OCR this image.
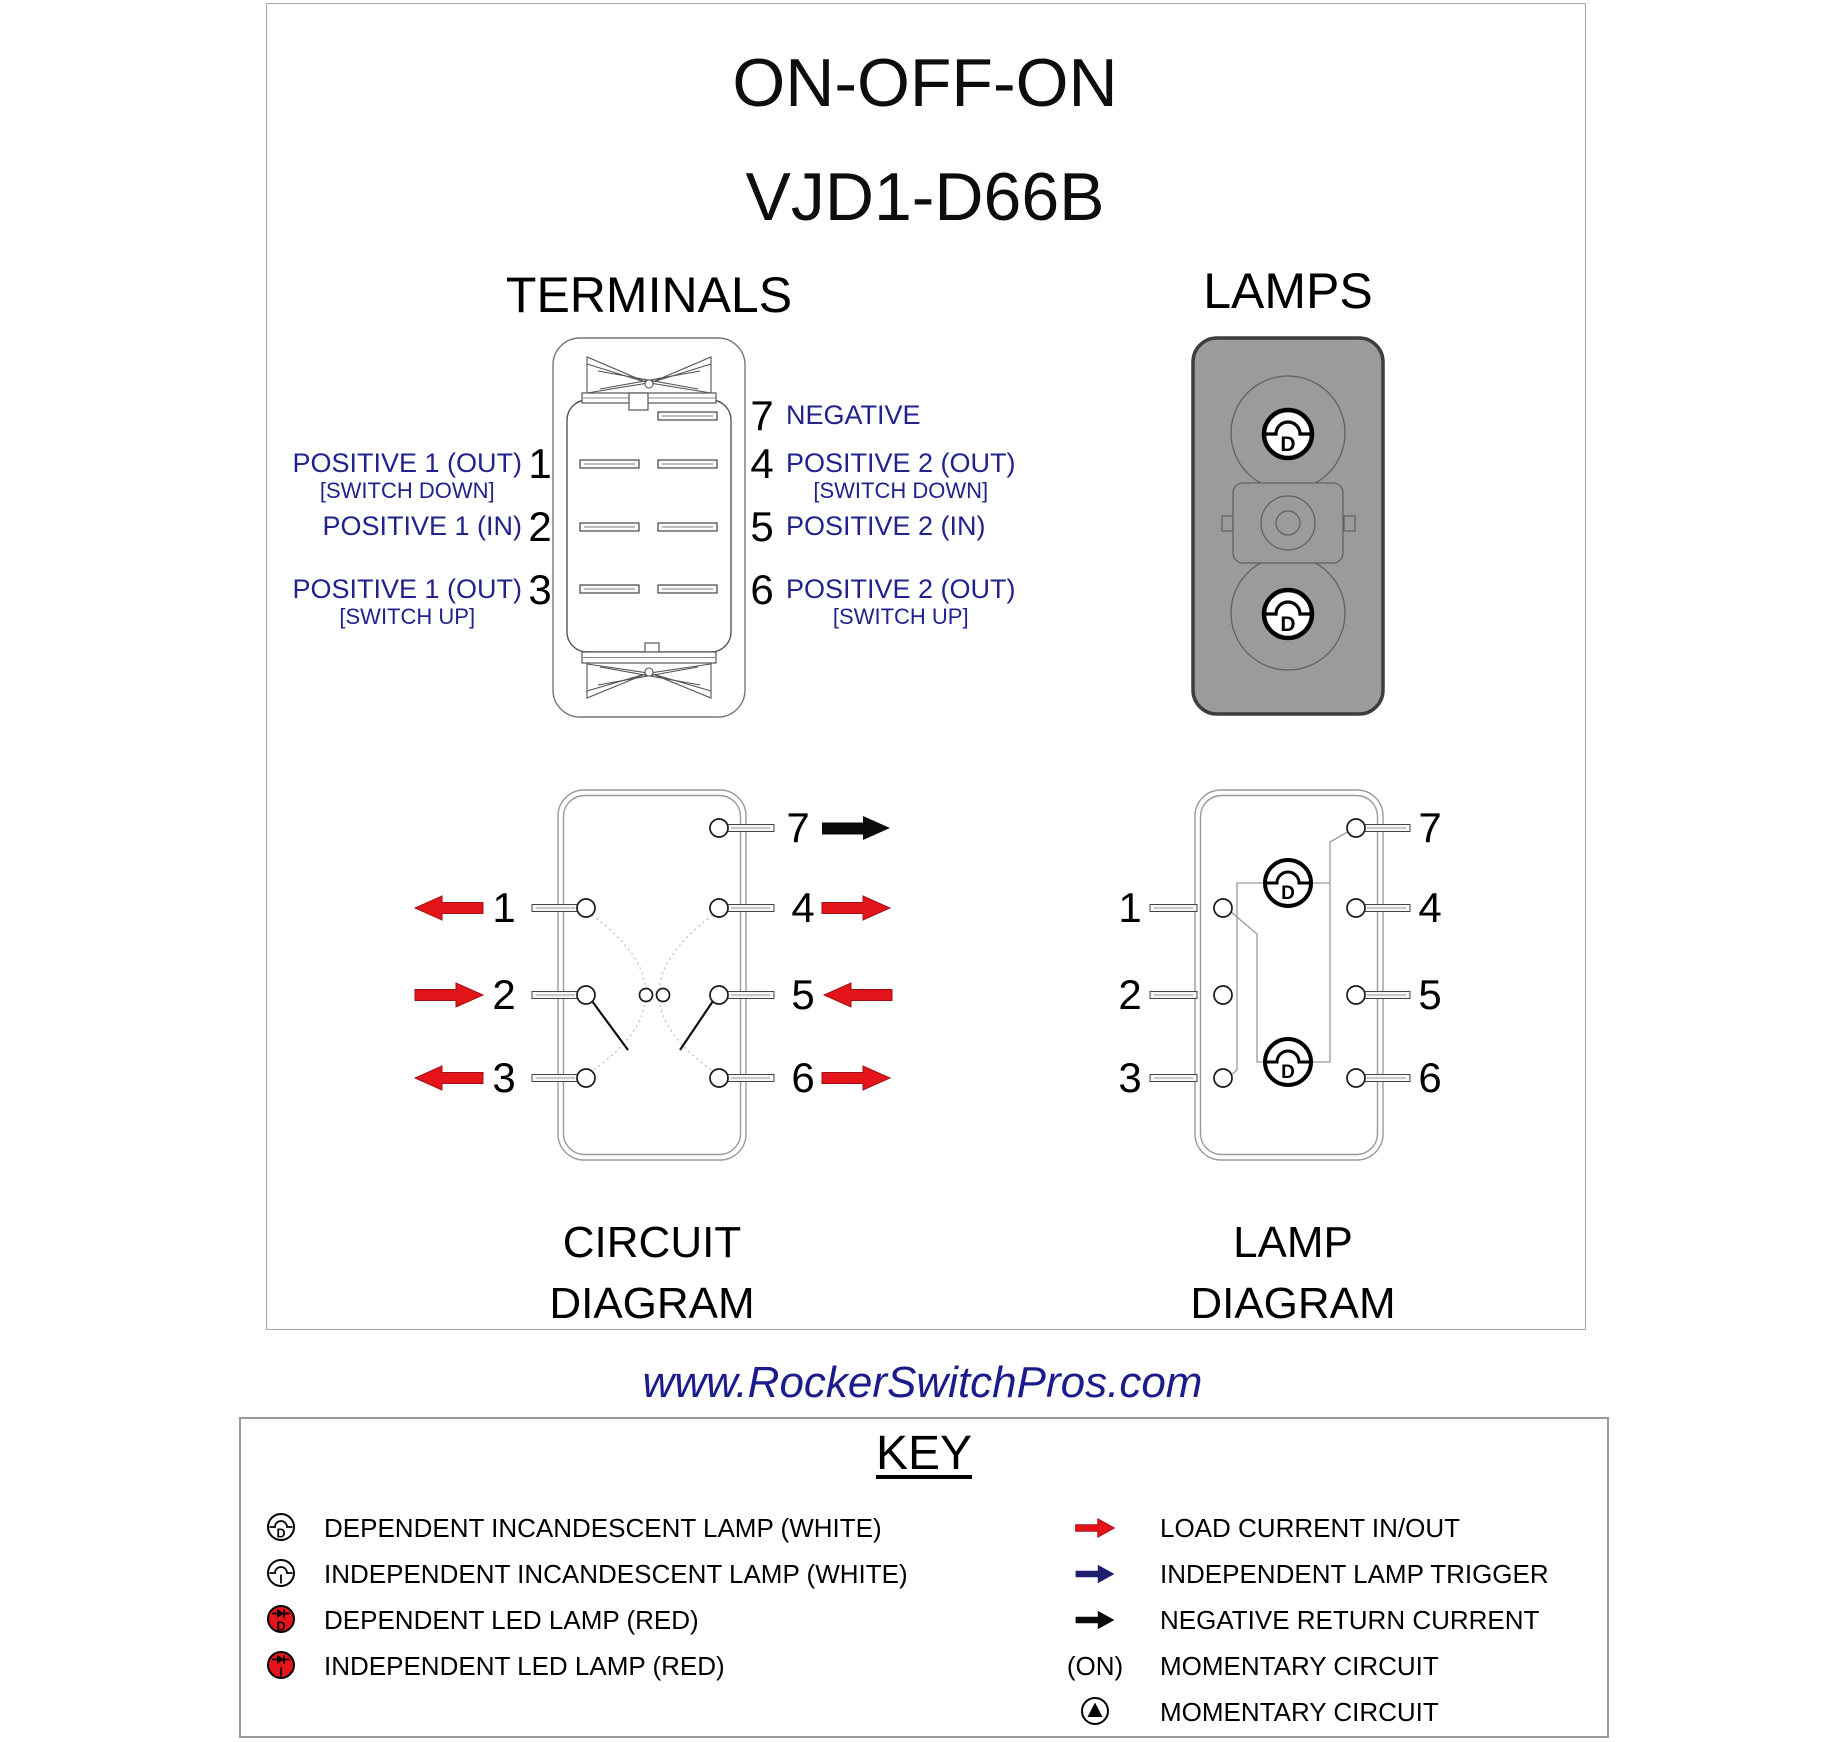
ON-OFF-ON
VJD1-D66B
TERMINALS	LAMPS
1
2
3
7
4
5
6
POSITIVE 1 (OUT)
[SWITCH DOWN]
POSITIVE 1 (IN)
POSITIVE 1 (OUT)
[SWITCH UP]
NEGATIVE
POSITIVE 2 (OUT)
[SWITCH DOWN]
POSITIVE 2 (IN)
POSITIVE 2 (OUT)
[SWITCH UP]
D
D
7
1
2
3
4
5
6
D
D
7
1
2
3
4
5
6
CIRCUIT
DIAGRAM
LAMP
DIAGRAM
www.RockerSwitchPros.com
KEY
D DEPENDENT INCANDESCENT LAMP (WHITE)
I INDEPENDENT INCANDESCENT LAMP (WHITE)
D DEPENDENT LED LAMP (RED)
I INDEPENDENT LED LAMP (RED)
LOAD CURRENT IN/OUT
INDEPENDENT LAMP TRIGGER
NEGATIVE RETURN CURRENT
(ON) MOMENTARY CIRCUIT
MOMENTARY CIRCUIT
